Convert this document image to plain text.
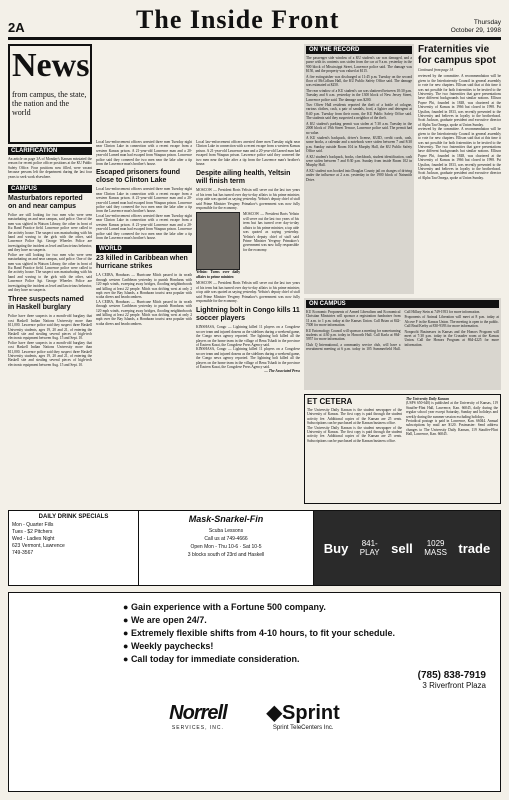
2A	The Inside Front	Thursday
October 29, 1998
News
from campus, the state, the nation and the world
CLARIFICATION
An article on page 3A of Monday's Kansan misstated the reason for recent police officer positions at the KU Public Safety Office. Four positions now filled, were vacant because persons left the department during the last four years to seek work elsewhere.
CAMPUS
Masturbators reported on and near campus
Police are still looking for two men who were seen masturbating on and near campus, said police. One of the men was sighted in Watson Library, the other in front of Ku Band Practice field. Lawrence police were called to the activity house. The suspect was masturbating with his hand and waving to the girls with the other, said Lawrence Police Sgt. George Wheeler. Police are investigating the incident as lewd and lascivious behavior, and they have no suspects.
Police are still looking for two men who were seen masturbating on and near campus, said police. One of the men was sighted in Watson Library, the other in front of Ku Band Practice field. Lawrence police were called to the activity house. The suspect was masturbating with his hand and waving to the girls with the other, said Lawrence Police Sgt. George Wheeler. Police are investigating the incident as lewd and lascivious behavior, and they have no suspects.
Three suspects named in Haskell burglary
Police have three suspects in a month-old burglary that cost Haskell Indian Nations University more than $11,000. Lawrence police said they suspect three Haskell University students, ages 19, 20 and 21, of entering the Haskell site and stealing several pieces of high-tech electronic equipment between Aug. 15 and Sept. 10.
Police have three suspects in a month-old burglary that cost Haskell Indian Nations University more than $11,000. Lawrence police said they suspect three Haskell University students, ages 19, 20 and 21, of entering the Haskell site and stealing several pieces of high-tech electronic equipment between Aug. 15 and Sept. 10.
Local law-enforcement officers arrested three men Tuesday night near Clinton Lake in connection with a recent escape from a western Kansas prison. A 21-year-old Lawrence man and a 20-year-old Larned man had escaped from Waupun prison. Lawrence police said they cornered the two men near the lake after a tip from the Lawrence man's brother's house.
Escaped prisoners found close to Clinton Lake
Local law-enforcement officers arrested three men Tuesday night near Clinton Lake in connection with a recent escape from a western Kansas prison. A 21-year-old Lawrence man and a 20-year-old Larned man had escaped from Waupun prison. Lawrence police said they cornered the two men near the lake after a tip from the Lawrence man's brother's house.
Local law-enforcement officers arrested three men Tuesday night near Clinton Lake in connection with a recent escape from a western Kansas prison. A 21-year-old Lawrence man and a 20-year-old Larned man had escaped from Waupun prison. Lawrence police said they cornered the two men near the lake after a tip from the Lawrence man's brother's house.
WORLD
23 killed in Caribbean when hurricane strikes
LA CEIBA, Honduras — Hurricane Mitch passed in its wrath through western Caribbean yesterday to punish Honduras with 120 mph winds, sweeping away bridges, flooding neighborhoods and killing at least 22 people. Mitch was drifting west at only 2 mph over the Bay Islands, a Honduran tourist area popular with scuba divers and beachcombers.
LA CEIBA, Honduras — Hurricane Mitch passed in its wrath through western Caribbean yesterday to punish Honduras with 120 mph winds, sweeping away bridges, flooding neighborhoods and killing at least 22 people. Mitch was drifting west at only 2 mph over the Bay Islands, a Honduran tourist area popular with scuba divers and beachcombers.
Local law-enforcement officers arrested three men Tuesday night near Clinton Lake in connection with a recent escape from a western Kansas prison. A 21-year-old Lawrence man and a 20-year-old Larned man had escaped from Waupun prison. Lawrence police said they cornered the two men near the lake after a tip from the Lawrence man's brother's house.
Despite ailing health, Yeltsin will finish term
MOSCOW — President Boris Yeltsin will serve out the last two years of his term but has turned over day-to-day affairs to his prime minister, a top aide was quoted as saying yesterday. Yeltsin's deputy chief of staff said Prime Minister Yevgeny Primakov's government was now fully responsible for the economy.
MOSCOW — President Boris Yeltsin will serve out the last two years of his term but has turned over day-to-day affairs to his prime minister, a top aide was quoted as saying yesterday. Yeltsin's deputy chief of staff said Prime Minister Yevgeny Primakov's government was now fully responsible for the economy.
Yeltsin: Turns over daily affairs to prime minister.
MOSCOW — President Boris Yeltsin will serve out the last two years of his term but has turned over day-to-day affairs to his prime minister, a top aide was quoted as saying yesterday. Yeltsin's deputy chief of staff said Prime Minister Yevgeny Primakov's government was now fully responsible for the economy.
Lightning bolt in Congo kills 11 soccer players
KINSHASA, Congo — Lightning killed 11 players on a Congolese soccer team and injured dozens as the sidelines during a weekend game, the Congo news agency reported. The lightning bolt killed all the players on the home team in the village of Bena Tshadi in the province of Eastern Kasai, the Congolese Press Agency said.
KINSHASA, Congo — Lightning killed 11 players on a Congolese soccer team and injured dozens as the sidelines during a weekend game, the Congo news agency reported. The lightning bolt killed all the players on the home team in the village of Bena Tshadi in the province of Eastern Kasai, the Congolese Press Agency said.
— The Associated Press
ON THE RECORD
The passenger side window of a KU student's car was damaged, and a purse with its contents was stolen from the car at 9 a.m. yesterday in the 900 block of Mississippi Street, Lawrence police said. The damage was $150, and the property was valued at $115.
A fire extinguisher was discharged at 11:45 p.m. Tuesday on the second floor of McCollum Hall, the KU Public Safety Office said. The damage was estimated at $250.
The rear window of a KU student's car was shattered between 10:30 p.m. Tuesday and 6 a.m. yesterday in the 1300 block of New Jersey Street, Lawrence police said. The damage was $200.
Two Oliver Hall residents reported the theft of a bottle of cologne, various clothes, cash, a pair of sandals, food, a lighter and detergent at 8:40 p.m. Tuesday from their room, the KU Public Safety Office said. The students said they suspected a neighbor of the theft.
A KU student's parking permit was stolen at 7:30 a.m. Tuesday in the 2000 block of 19th Street Terrace, Lawrence police said. The permit had no value.
A KU student's backpack, driver's license, KUID, credit cards, cash, some books, a calendar and a notebook were stolen between 7 and 8:30 p.m. Sunday outside Room 104 in Murphy Hall, the KU Public Safety Office said.
A KU student's backpack, books, checkbook, student identification, cash were stolen between 7 and 8:30 p.m. Sunday from inside Room 102 in Murphy Hall.
A KU student was booked into Douglas County jail on charges of driving under the influence at 2 a.m. yesterday in the 1900 block of Naismith Drive.
Fraternities vie for campus spot
Continued from page 1A
reviewed by the committee. A recommendation will be given to the Interfraternity Council in general assembly to vote for new chapters. Ellison said that at this time it was not possible for both fraternities to be invited to the University. The two fraternities that gave presentations have different backgrounds but similar notions. Ellison Payne Phi, founded in 1848, was chartered at the University of Kansas in 1966 but closed in 1998. Psi Upsilon, founded in 1833, was recently presented to the University and believes in loyalty to the brotherhood. Scott Jackson, graduate president and executive director of Alpha Tau Omega, spoke at Union Sunday.
reviewed by the committee. A recommendation will be given to the Interfraternity Council in general assembly to vote for new chapters. Ellison said that at this time it was not possible for both fraternities to be invited to the University. The two fraternities that gave presentations have different backgrounds but similar notions. Ellison Payne Phi, founded in 1848, was chartered at the University of Kansas in 1966 but closed in 1998. Psi Upsilon, founded in 1833, was recently presented to the University and believes in loyalty to the brotherhood. Scott Jackson, graduate president and executive director of Alpha Tau Omega, spoke at Union Sunday.
ON CAMPUS
KU Economic Proponents of Armed Liberalism and Economical Christian Ministries will sponsor a registration fundraiser from 11 a.m. to 1 p.m. today at the Kansas Union. Call Brian at 842-7300 for more information.
KU Entomology Council will sponsor a meeting for nonreturning students at 4:30 p.m. today in Haworth Hall. Call Karla at 864-5957 for more information.
Club Q International, a community service club, will have a recruitment meeting at 6 p.m. today in 105 Summerfield Hall. Call Hillary Stein at 749-1953 for more information.
Proponents of Animal Liberation will meet at 8 p.m. today at Alcove F in the Kansas Union. The meeting is open to the public. Call Brad Kerby at 830-9393 for more information.
Nonprofit Businesses in Kansas and the Honors Program will meet at 7:30 p.m. today in the Crusader room at the Kansas Union. Call the Honors Program at 864-4225 for more information.
ET CETERA
The University Daily Kansan is the student newspaper of the University of Kansas. The first copy is paid through the student activity fee. Additional copies of the Kansan are 25 cents. Subscriptions can be purchased at the Kansan business office.
The University Daily Kansan is the student newspaper of the University of Kansas. The first copy is paid through the student activity fee. Additional copies of the Kansan are 25 cents. Subscriptions can be purchased at the Kansan business office.
The University Daily Kansan
(USPS 650-640) is published at the University of Kansas, 119 Stauffer-Flint Hall, Lawrence, Kan. 66045, daily during the regular school year except Saturday, Sunday and holidays and weekly during the summer session excluding holidays.
Periodical postage is paid in Lawrence, Kan. 66044. Annual subscriptions by mail are $120. Postmaster: Send address changes to The University Daily Kansan, 119 Stauffer-Flint Hall, Lawrence, Kan. 66045.
DAILY DRINK SPECIALS
Mon - Quarter Fills
Tues - $2 Pitchers
Wed - Ladies Night
623 Vermont, Lawrence
749-3567
Mask-Snarkel-Fin
Scuba Lessons
Call us at 749-4666
Open Mon - Thu 10-6 · Sat 10-5
3 blocks south of 23rd and Haskell	Buy 841-
PLAY sell	1029
MASS trade
● Gain experience with a Fortune 500 company.
● We are open 24/7.
● Extremely flexible shifts from 4-10 hours, to fit your schedule.
● Weekly paychecks!
● Call today for immediate consideration.
(785) 838-7919
3 Riverfront Plaza
Norrell
SERVICES, INC.
◆Sprint
Sprint TeleCenters Inc.
